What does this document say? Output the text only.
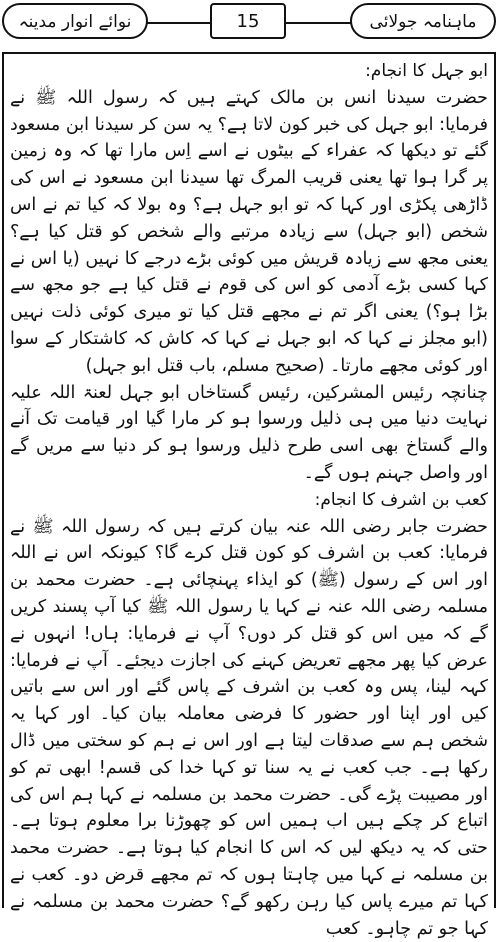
ماہنامہ جولائی
15
نوائے انوار مدینہ

ابو جہل کا انجام:

حضرت سیدنا انس بن مالک کہتے ہیں کہ رسول اللہ ﷺ نے فرمایا: ابو جہل کی خبر کون لاتا ہے؟ یہ سن کر سیدنا ابن مسعود گئے تو دیکھا کہ عفراء کے بیٹوں نے اسے اِس مارا تھا کہ وہ زمین پر گرا ہوا تھا یعنی قریب المرگ تھا سیدنا ابن مسعود نے اس کی ڈاڑھی پکڑی اور کہا کہ تو ابو جہل ہے؟ وہ بولا کہ کیا تم نے اس شخص (ابو جہل) سے زیادہ مرتبے والے شخص کو قتل کیا ہے؟ یعنی مجھ سے زیادہ قریش میں کوئی بڑے درجے کا نہیں (یا اس نے کہا کسی بڑے آدمی کو اس کی قوم نے قتل کیا ہے جو مجھ سے بڑا ہو؟) یعنی اگر تم نے مجھے قتل کیا تو میری کوئی ذلت نہیں (ابو مجلز نے کہا کہ ابو جہل نے کہا کہ کاش کہ کاشتکار کے سوا اور کوئی مجھے مارتا۔ (صحیح مسلم، باب قتل ابو جہل)

چنانچہ رئیس المشرکین، رئیس گستاخاں ابو جہل لعنۃ اللہ علیہ نہایت دنیا میں ہی ذلیل ورسوا ہو کر مارا گیا اور قیامت تک آنے والے گستاخ بھی اسی طرح ذلیل ورسوا ہو کر دنیا سے مریں گے اور واصل جہنم ہوں گے۔

کعب بن اشرف کا انجام:

حضرت جابر رضی اللہ عنہ بیان کرتے ہیں کہ رسول اللہ ﷺ نے فرمایا: کعب بن اشرف کو کون قتل کرے گا؟ کیونکہ اس نے اللہ اور اس کے رسول (ﷺ) کو ایذاء پہنچائی ہے۔ حضرت محمد بن مسلمہ رضی اللہ عنہ نے کہا یا رسول اللہ ﷺ کیا آپ پسند کریں گے کہ میں اس کو قتل کر دوں؟ آپ نے فرمایا: ہاں! انہوں نے عرض کیا پھر مجھے تعریض کہنے کی اجازت دیجئے۔ آپ نے فرمایا: کہہ لینا، پس وہ کعب بن اشرف کے پاس گئے اور اس سے باتیں کیں اور اپنا اور حضور کا فرضی معاملہ بیان کیا۔ اور کہا یہ شخص ہم سے صدقات لیتا ہے اور اس نے ہم کو سختی میں ڈال رکھا ہے۔ جب کعب نے یہ سنا تو کہا خدا کی قسم! ابھی تم کو اور مصیبت پڑے گی۔ حضرت محمد بن مسلمہ نے کہا ہم اس کی اتباع کر چکے ہیں اب ہمیں اس کو چھوڑنا برا معلوم ہوتا ہے۔ حتی کہ یہ دیکھ لیں کہ اس کا انجام کیا ہوتا ہے۔ حضرت محمد بن مسلمہ نے کہا میں چاہتا ہوں کہ تم مجھے قرض دو۔ کعب نے کہا تم میرے پاس کیا رہن رکھو گے؟ حضرت محمد بن مسلمہ نے کہا جو تم چاہو۔ کعب
